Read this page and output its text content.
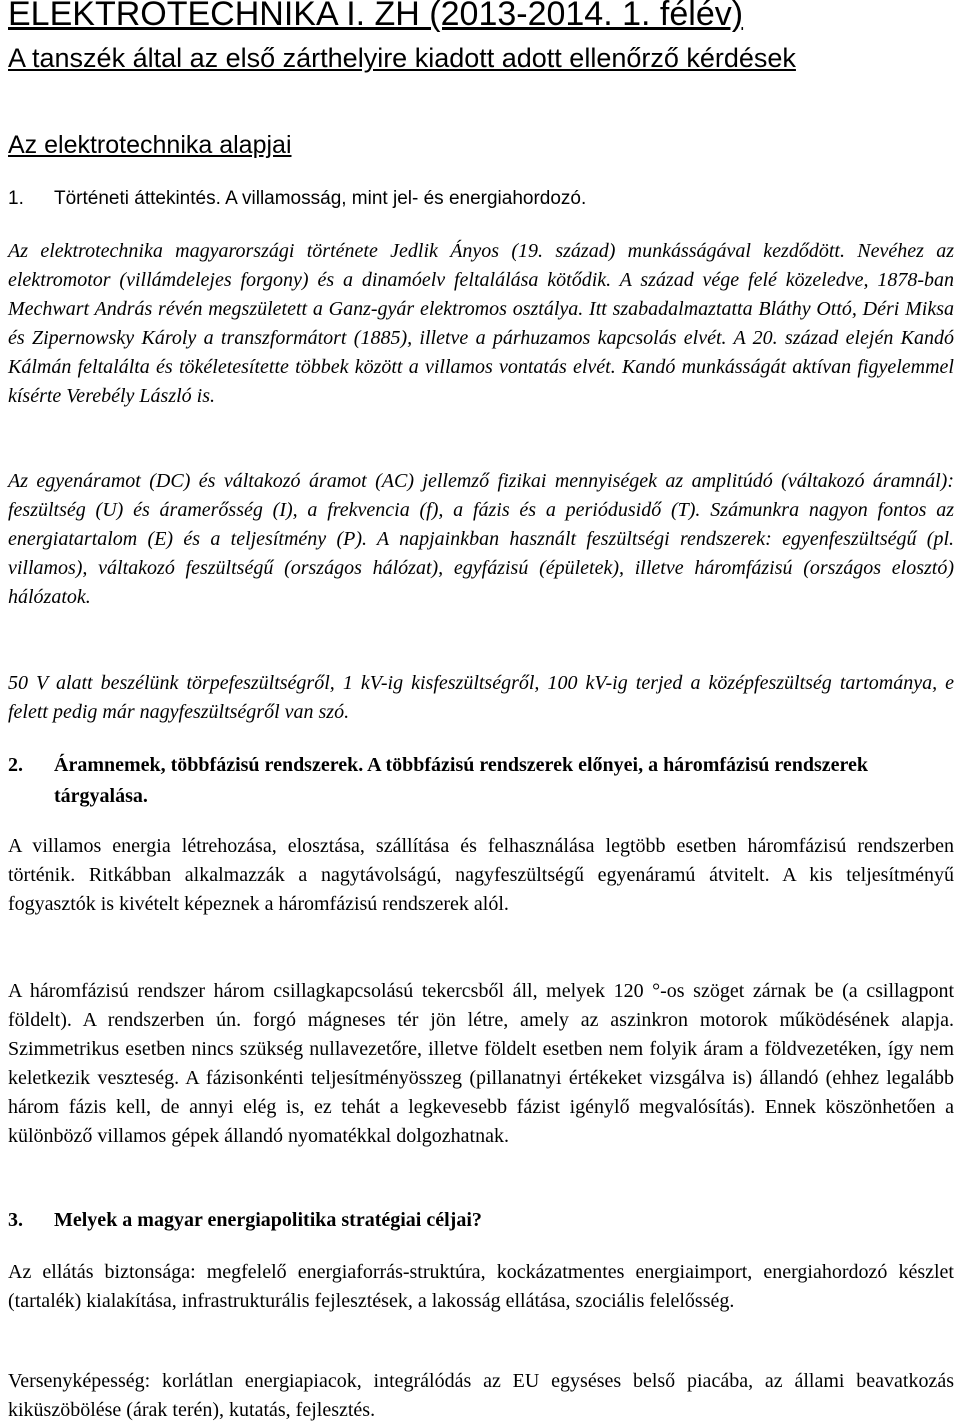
ELEKTROTECHNIKA I. ZH (2013-2014. 1. félév)
A tanszék által az első zárthelyire kiadott adott ellenőrző kérdések
Az elektrotechnika alapjai
1. Történeti áttekintés. A villamosság, mint jel- és energiahordozó.
Az elektrotechnika magyarországi története Jedlik Ányos (19. század) munkásságával kezdődött. Nevéhez az elektromotor (villámdelejes forgony) és a dinamóelv feltalálása kötődik. A század vége felé közeledve, 1878-ban Mechwart András révén megszületett a Ganz-gyár elektromos osztálya. Itt szabadalmaztatta Bláthy Ottó, Déri Miksa és Zipernowsky Károly a transzformátort (1885), illetve a párhuzamos kapcsolás elvét. A 20. század elején Kandó Kálmán feltalálta és tökéletesítette többek között a villamos vontatás elvét. Kandó munkásságát aktívan figyelemmel kísérte Verebély László is.
Az egyenáramot (DC) és váltakozó áramot (AC) jellemző fizikai mennyiségek az amplitúdó (váltakozó áramnál): feszültség (U) és áramerősség (I), a frekvencia (f), a fázis és a periódusidő (T). Számunkra nagyon fontos az energiatartalom (E) és a teljesítmény (P). A napjainkban használt feszültségi rendszerek: egyenfeszültségű (pl. villamos), váltakozó feszültségű (országos hálózat), egyfázisú (épületek), illetve háromfázisú (országos elosztó) hálózatok.
50 V alatt beszélünk törpefeszültségről, 1 kV-ig kisfeszültségről, 100 kV-ig terjed a középfeszültség tartománya, e felett pedig már nagyfeszültségről van szó.
2. Áramnemek, többfázisú rendszerek. A többfázisú rendszerek előnyei, a háromfázisú rendszerek tárgyalása.
A villamos energia létrehozása, elosztása, szállítása és felhasználása legtöbb esetben háromfázisú rendszerben történik. Ritkábban alkalmazzák a nagytávolságú, nagyfeszültségű egyenáramú átvitelt. A kis teljesítményű fogyasztók is kivételt képeznek a háromfázisú rendszerek alól.
A háromfázisú rendszer három csillagkapcsolású tekercsből áll, melyek 120 °-os szöget zárnak be (a csillagpont földelt). A rendszerben ún. forgó mágneses tér jön létre, amely az aszinkron motorok működésének alapja. Szimmetrikus esetben nincs szükség nullavezetőre, illetve földelt esetben nem folyik áram a földvezetéken, így nem keletkezik veszteség. A fázisonkénti teljesítményösszeg (pillanatnyi értékeket vizsgálva is) állandó (ehhez legalább három fázis kell, de annyi elég is, ez tehát a legkevesebb fázist igénylő megvalósítás). Ennek köszönhetően a különböző villamos gépek állandó nyomatékkal dolgozhatnak.
3. Melyek a magyar energiapolitika stratégiai céljai?
Az ellátás biztonsága: megfelelő energiaforrás-struktúra, kockázatmentes energiaimport, energiahordozó készlet (tartalék) kialakítása, infrastrukturális fejlesztések, a lakosság ellátása, szociális felelősség.
Versenyképesség: korlátlan energiapiacok, integrálódás az EU egyséses belső piacába, az állami beavatkozás kiküszöbölése (árak terén), kutatás, fejlesztés.
